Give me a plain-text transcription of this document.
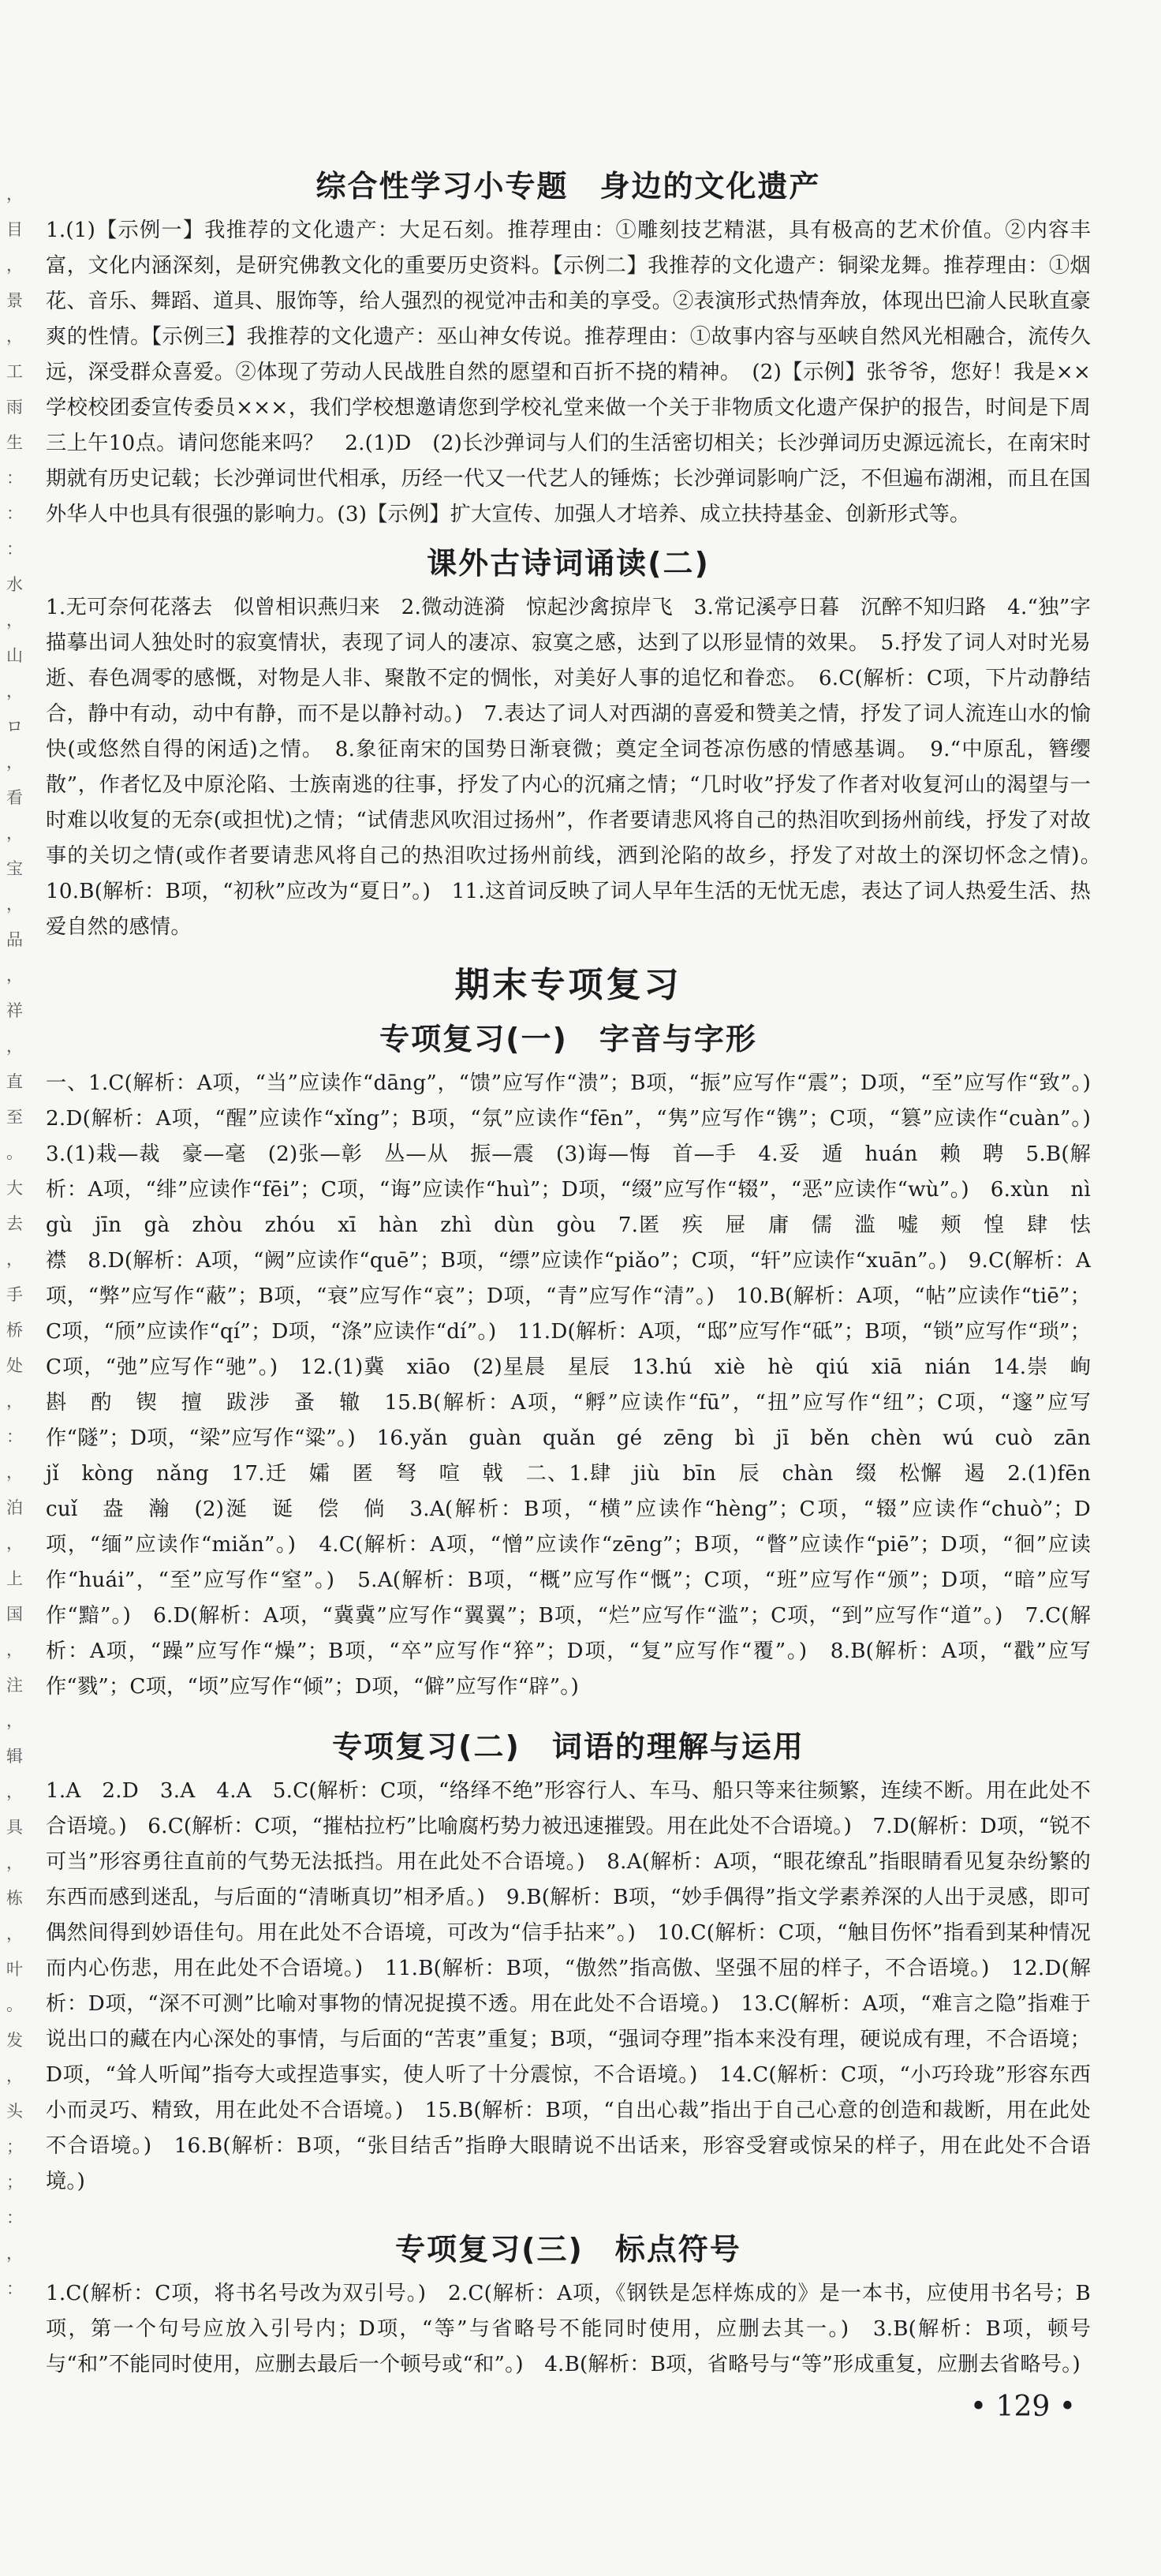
，
目
，
景
，
工
雨
生
：
：
：
水
，
山
，
ロ
，
看
，
宝
，
品
，
祥
，
直
至
。
大
去
，
手
桥
处
，
：
，
泊
，
上
国
，
注
，
辑
，
具
，
栋
，
叶
。
发
，
头
；
；
：
，
：
综合性学习小专题　身边的文化遗产

1.(1)【示例一】我推荐的文化遗产：大足石刻。推荐理由：①雕刻技艺精湛，具有极高的艺术价值。②内容丰富，文化内涵深刻，是研究佛教文化的重要历史资料。【示例二】我推荐的文化遗产：铜梁龙舞。推荐理由：①烟花、音乐、舞蹈、道具、服饰等，给人强烈的视觉冲击和美的享受。②表演形式热情奔放，体现出巴渝人民耿直豪爽的性情。【示例三】我推荐的文化遗产：巫山神女传说。推荐理由：①故事内容与巫峡自然风光相融合，流传久远，深受群众喜爱。②体现了劳动人民战胜自然的愿望和百折不挠的精神。　(2)【示例】张爷爷，您好！我是××学校校团委宣传委员×××，我们学校想邀请您到学校礼堂来做一个关于非物质文化遗产保护的报告，时间是下周三上午10点。请问您能来吗？　2.(1)D　(2)长沙弹词与人们的生活密切相关；长沙弹词历史源远流长，在南宋时期就有历史记载；长沙弹词世代相承，历经一代又一代艺人的锤炼；长沙弹词影响广泛，不但遍布湖湘，而且在国外华人中也具有很强的影响力。(3)【示例】扩大宣传、加强人才培养、成立扶持基金、创新形式等。

课外古诗词诵读(二)

1.无可奈何花落去　似曾相识燕归来　2.微动涟漪　惊起沙禽掠岸飞　3.常记溪亭日暮　沉醉不知归路　4.“独”字描摹出词人独处时的寂寞情状，表现了词人的凄凉、寂寞之感，达到了以形显情的效果。　5.抒发了词人对时光易逝、春色凋零的感慨，对物是人非、聚散不定的惆怅，对美好人事的追忆和眷恋。　6.C(解析：C项，下片动静结合，静中有动，动中有静，而不是以静衬动。)　7.表达了词人对西湖的喜爱和赞美之情，抒发了词人流连山水的愉快(或悠然自得的闲适)之情。　8.象征南宋的国势日渐衰微；奠定全词苍凉伤感的情感基调。　9.“中原乱，簪缨散”，作者忆及中原沦陷、士族南逃的往事，抒发了内心的沉痛之情；“几时收”抒发了作者对收复河山的渴望与一时难以收复的无奈(或担忧)之情；“试倩悲风吹泪过扬州”，作者要请悲风将自己的热泪吹到扬州前线，抒发了对故事的关切之情(或作者要请悲风将自己的热泪吹过扬州前线，洒到沦陷的故乡，抒发了对故土的深切怀念之情)。　10.B(解析：B项，“初秋”应改为“夏日”。)　11.这首词反映了词人早年生活的无忧无虑，表达了词人热爱生活、热爱自然的感情。

期末专项复习
专项复习(一)　字音与字形

一、1.C(解析：A项，“当”应读作“dāng”，“馈”应写作“溃”；B项，“振”应写作“震”；D项，“至”应写作“致”。)　2.D(解析：A项，“醒”应读作“xǐng”；B项，“氛”应读作“fēn”，“隽”应写作“镌”；C项，“篡”应读作“cuàn”。)　3.(1)栽—裁　豪—毫　(2)张—彰　丛—从　振—震　(3)诲—悔　首—手　4.妥　遁　huán　赖　聘　5.B(解析：A项，“绯”应读作“fēi”；C项，“诲”应读作“huì”；D项，“缀”应写作“辍”，“恶”应读作“wù”。)　6.xùn　nì　gù　jīn　gà　zhòu　zhóu　xī　hàn　zhì　dùn　gòu　7.匿　疾　屉　庸　儒　滥　嘘　颊　惶　肆　怯　襟　8.D(解析：A项，“阙”应读作“quē”；B项，“缥”应读作“piǎo”；C项，“轩”应读作“xuān”。)　9.C(解析：A项，“弊”应写作“蔽”；B项，“衰”应写作“哀”；D项，“青”应写作“清”。)　10.B(解析：A项，“帖”应读作“tiē”；C项，“颀”应读作“qí”；D项，“涤”应读作“dí”。)　11.D(解析：A项，“邸”应写作“砥”；B项，“锁”应写作“琐”；C项，“弛”应写作“驰”。)　12.(1)冀　xiāo　(2)星晨　星辰　13.hú　xiè　hè　qiú　xiā　nián　14.崇　峋　斟　酌　锲　擅　跋涉　蚤　辙　15.B(解析：A项，“孵”应读作“fū”，“扭”应写作“纽”；C项，“邃”应写作“隧”；D项，“梁”应写作“粱”。)　16.yǎn　guàn　quǎn　gé　zēng　bì　jī　běn　chèn　wú　cuò　zān　jǐ　kòng　nǎng　17.迁　孀　匿　弩　喧　戟　二、1.肆　jiù　bīn　辰　chàn　缀　松懈　遏　2.(1)fēn　cuǐ　盎　瀚　(2)涎　诞　偿　倘　3.A(解析：B项，“横”应读作“hèng”；C项，“辍”应读作“chuò”；D项，“缅”应读作“miǎn”。)　4.C(解析：A项，“憎”应读作“zēng”；B项，“瞥”应读作“piē”；D项，“徊”应读作“huái”，“至”应写作“窒”。)　5.A(解析：B项，“概”应写作“慨”；C项，“班”应写作“颁”；D项，“暗”应写作“黯”。)　6.D(解析：A项，“冀冀”应写作“翼翼”；B项，“烂”应写作“滥”；C项，“到”应写作“道”。)　7.C(解析：A项，“躁”应写作“燥”；B项，“卒”应写作“猝”；D项，“复”应写作“覆”。)　8.B(解析：A项，“戳”应写作“戮”；C项，“顷”应写作“倾”；D项，“僻”应写作“辟”。)

专项复习(二)　词语的理解与运用

1.A　2.D　3.A　4.A　5.C(解析：C项，“络绎不绝”形容行人、车马、船只等来往频繁，连续不断。用在此处不合语境。)　6.C(解析：C项，“摧枯拉朽”比喻腐朽势力被迅速摧毁。用在此处不合语境。)　7.D(解析：D项，“锐不可当”形容勇往直前的气势无法抵挡。用在此处不合语境。)　8.A(解析：A项，“眼花缭乱”指眼睛看见复杂纷繁的东西而感到迷乱，与后面的“清晰真切”相矛盾。)　9.B(解析：B项，“妙手偶得”指文学素养深的人出于灵感，即可偶然间得到妙语佳句。用在此处不合语境，可改为“信手拈来”。)　10.C(解析：C项，“触目伤怀”指看到某种情况而内心伤悲，用在此处不合语境。)　11.B(解析：B项，“傲然”指高傲、坚强不屈的样子，不合语境。)　12.D(解析：D项，“深不可测”比喻对事物的情况捉摸不透。用在此处不合语境。)　13.C(解析：A项，“难言之隐”指难于说出口的藏在内心深处的事情，与后面的“苦衷”重复；B项，“强词夺理”指本来没有理，硬说成有理，不合语境；D项，“耸人听闻”指夸大或捏造事实，使人听了十分震惊，不合语境。)　14.C(解析：C项，“小巧玲珑”形容东西小而灵巧、精致，用在此处不合语境。)　15.B(解析：B项，“自出心裁”指出于自己心意的创造和裁断，用在此处不合语境。)　16.B(解析：B项，“张目结舌”指睁大眼睛说不出话来，形容受窘或惊呆的样子，用在此处不合语境。)

专项复习(三)　标点符号

1.C(解析：C项，将书名号改为双引号。)　2.C(解析：A项，《钢铁是怎样炼成的》是一本书，应使用书名号；B项，第一个句号应放入引号内；D项，“等”与省略号不能同时使用，应删去其一。)　3.B(解析：B项，顿号与“和”不能同时使用，应删去最后一个顿号或“和”。)　4.B(解析：B项，省略号与“等”形成重复，应删去省略号。)

• 129 •
